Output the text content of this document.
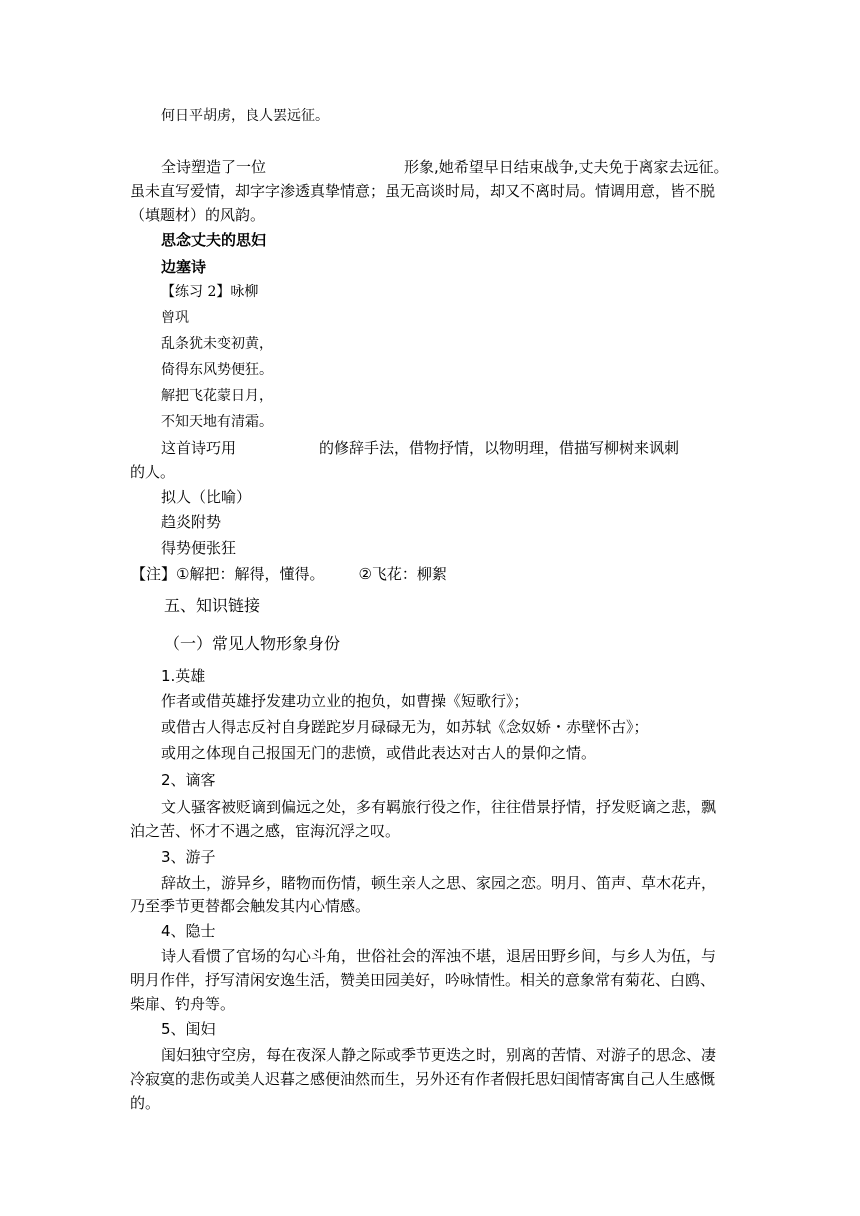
何日平胡虏，良人罢远征。
全诗塑造了一位	形象,她希望早日结束战争,丈夫免于离家去远征。
虽未直写爱情，却字字渗透真挚情意；虽无高谈时局，却又不离时局。情调用意，皆不脱
（填题材）的风韵。
思念丈夫的思妇
边塞诗
【练习 2】咏柳
曾巩
乱条犹未变初黄，
倚得东风势便狂。
解把飞花蒙日月，
不知天地有清霜。
这首诗巧用	的修辞手法，借物抒情，以物明理，借描写柳树来讽刺
的人。
拟人（比喻）
趋炎附势
得势便张狂
【注】①解把：解得，懂得。 ②飞花：柳絮
五、知识链接
（一）常见人物形象身份
1.英雄
作者或借英雄抒发建功立业的抱负，如曹操《短歌行》；
或借古人得志反衬自身蹉跎岁月碌碌无为，如苏轼《念奴娇・赤壁怀古》；
或用之体现自己报国无门的悲愤，或借此表达对古人的景仰之情。
2、谪客
文人骚客被贬谪到偏远之处，多有羁旅行役之作，往往借景抒情，抒发贬谪之悲，飘
泊之苦、怀才不遇之感，宦海沉浮之叹。
3、游子
辞故土，游异乡，睹物而伤情，顿生亲人之思、家园之恋。明月、笛声、草木花卉，
乃至季节更替都会触发其内心情感。
4、隐士
诗人看惯了官场的勾心斗角，世俗社会的浑浊不堪，退居田野乡间，与乡人为伍，与
明月作伴，抒写清闲安逸生活，赞美田园美好，吟咏情性。相关的意象常有菊花、白鸥、
柴扉、钓舟等。
5、闺妇
闺妇独守空房，每在夜深人静之际或季节更迭之时，别离的苦情、对游子的思念、凄
冷寂寞的悲伤或美人迟暮之感便油然而生，另外还有作者假托思妇闺情寄寓自己人生感慨
的。
